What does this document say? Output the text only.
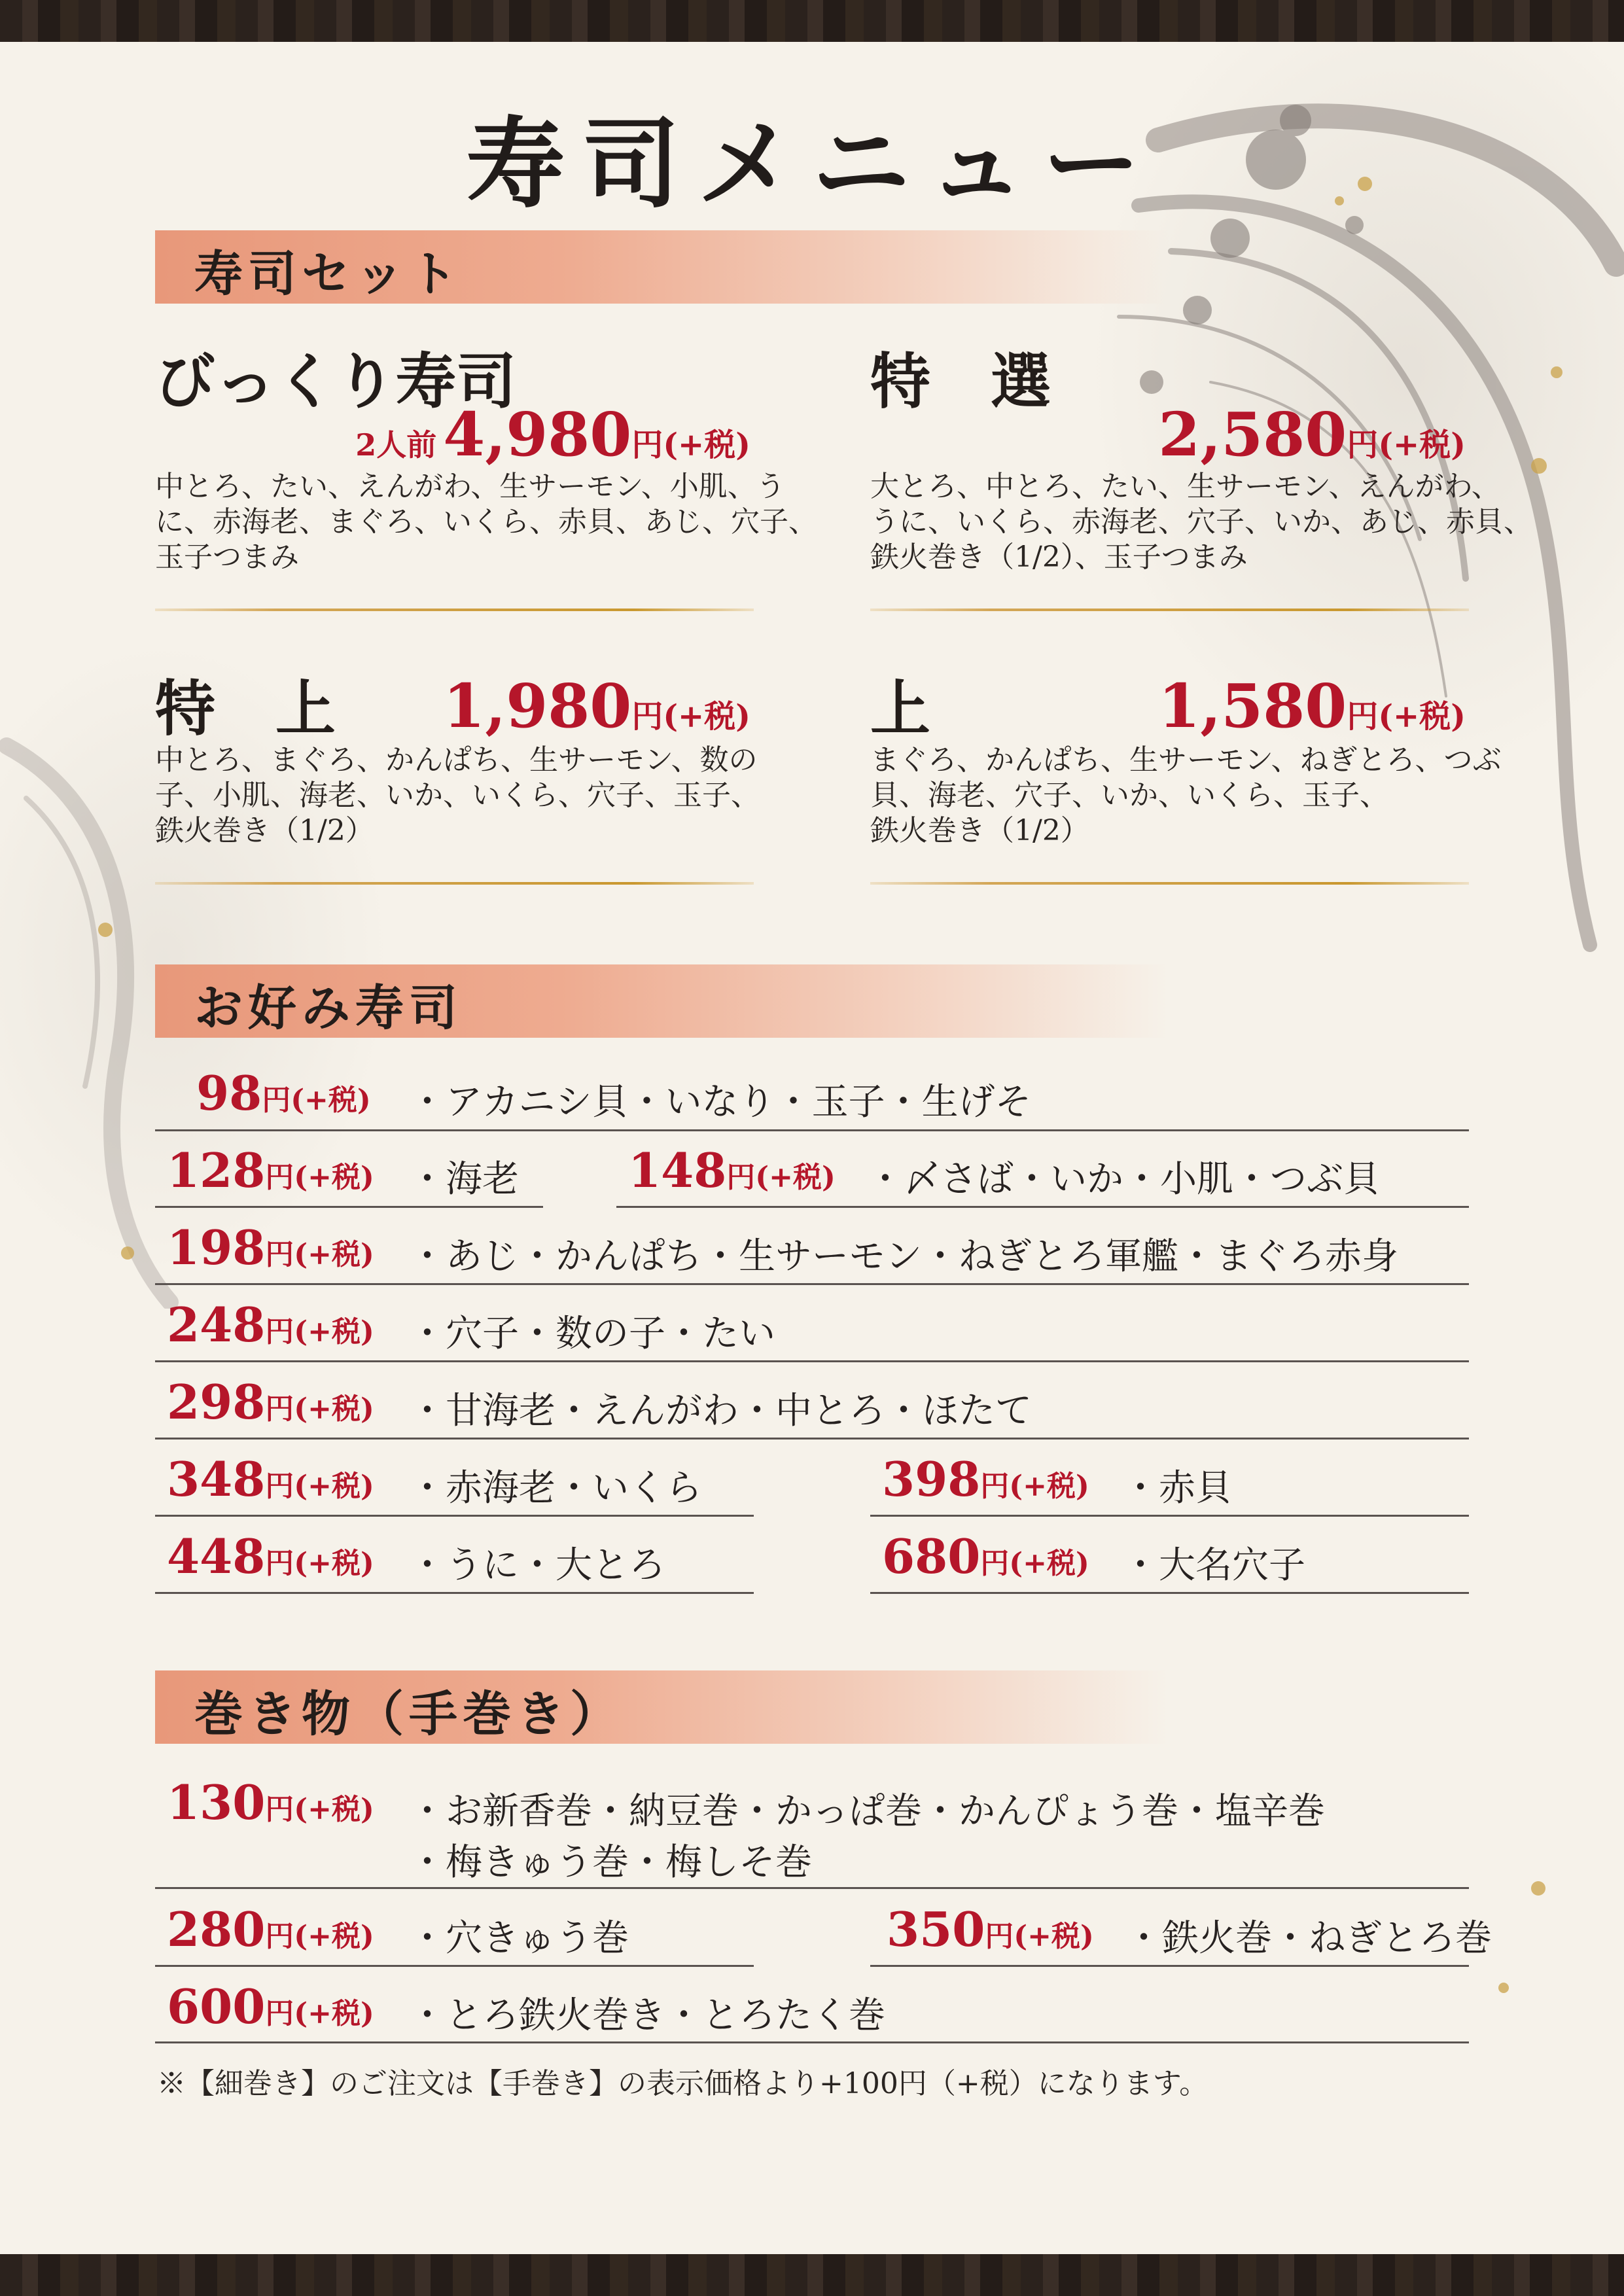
寿司メニュー
寿司セット
びっくり寿司
2人前 4,980円(+税)
中とろ、たい、えんがわ、生サーモン、小肌、う
に、赤海老、まぐろ、いくら、赤貝、あじ、穴子、
玉子つまみ
特　選
2,580円(+税)
大とろ、中とろ、たい、生サーモン、えんがわ、
うに、いくら、赤海老、穴子、いか、あじ、赤貝、
鉄火巻き（1/2）、玉子つまみ
特　上 1,980円(+税)
中とろ、まぐろ、かんぱち、生サーモン、数の
子、小肌、海老、いか、いくら、穴子、玉子、
鉄火巻き（1/2）
上	1,580円(+税)
まぐろ、かんぱち、生サーモン、ねぎとろ、つぶ
貝、海老、穴子、いか、いくら、玉子、
鉄火巻き（1/2）
お好み寿司
98円(+税) ・アカニシ貝・いなり・玉子・生げそ
128円(+税) ・海老 148円(+税) ・〆さば・いか・小肌・つぶ貝
198円(+税) ・あじ・かんぱち・生サーモン・ねぎとろ軍艦・まぐろ赤身
248円(+税) ・穴子・数の子・たい
298円(+税) ・甘海老・えんがわ・中とろ・ほたて
348円(+税) ・赤海老・いくら	398円(+税) ・赤貝
448円(+税) ・うに・大とろ	680円(+税) ・大名穴子
巻き物（手巻き）
130円(+税) ・お新香巻・納豆巻・かっぱ巻・かんぴょう巻・塩辛巻
・梅きゅう巻・梅しそ巻
280円(+税) ・穴きゅう巻	350円(+税) ・鉄火巻・ねぎとろ巻
600円(+税) ・とろ鉄火巻き・とろたく巻
※【細巻き】のご注文は【手巻き】の表示価格より+100円（+税）になります。
